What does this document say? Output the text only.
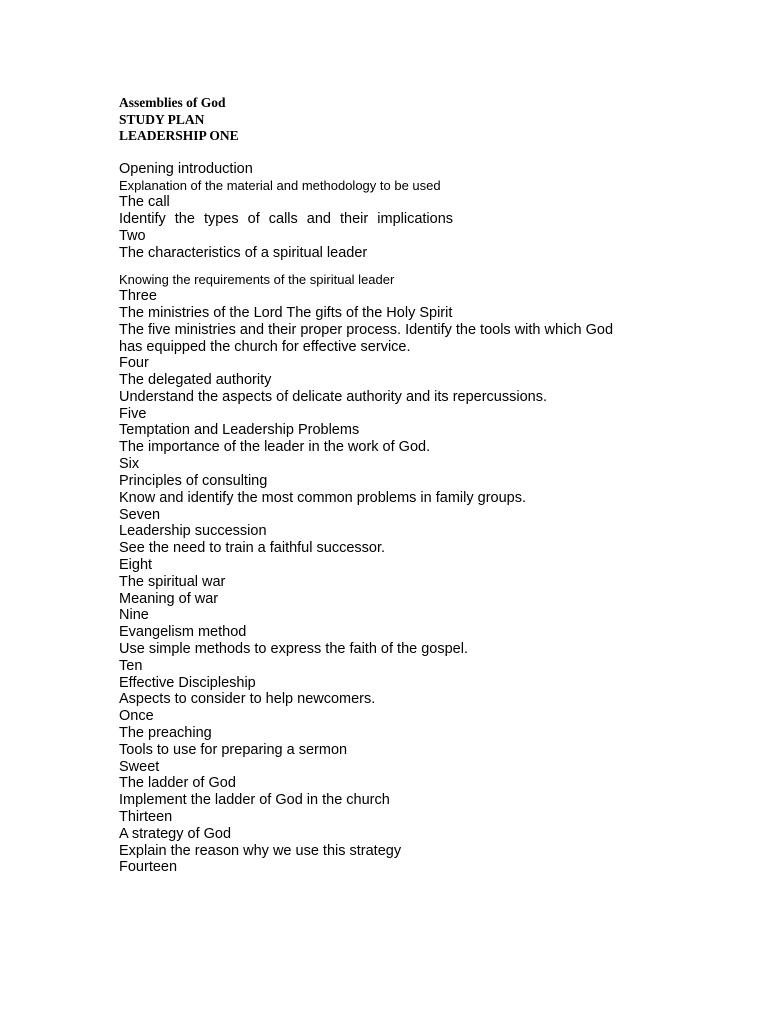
Assemblies of God
STUDY PLAN
LEADERSHIP ONE
Opening introduction
Explanation of the material and methodology to be used
The call
Identify the types of calls and their implications
Two
The characteristics of a spiritual leader
Knowing the requirements of the spiritual leader
Three
The ministries of the Lord The gifts of the Holy Spirit
The five ministries and their proper process. Identify the tools with which God
has equipped the church for effective service.
Four
The delegated authority
Understand the aspects of delicate authority and its repercussions.
Five
Temptation and Leadership Problems
The importance of the leader in the work of God.
Six
Principles of consulting
Know and identify the most common problems in family groups.
Seven
Leadership succession
See the need to train a faithful successor.
Eight
The spiritual war
Meaning of war
Nine
Evangelism method
Use simple methods to express the faith of the gospel.
Ten
Effective Discipleship
Aspects to consider to help newcomers.
Once
The preaching
Tools to use for preparing a sermon
Sweet
The ladder of God
Implement the ladder of God in the church
Thirteen
A strategy of God
Explain the reason why we use this strategy
Fourteen
